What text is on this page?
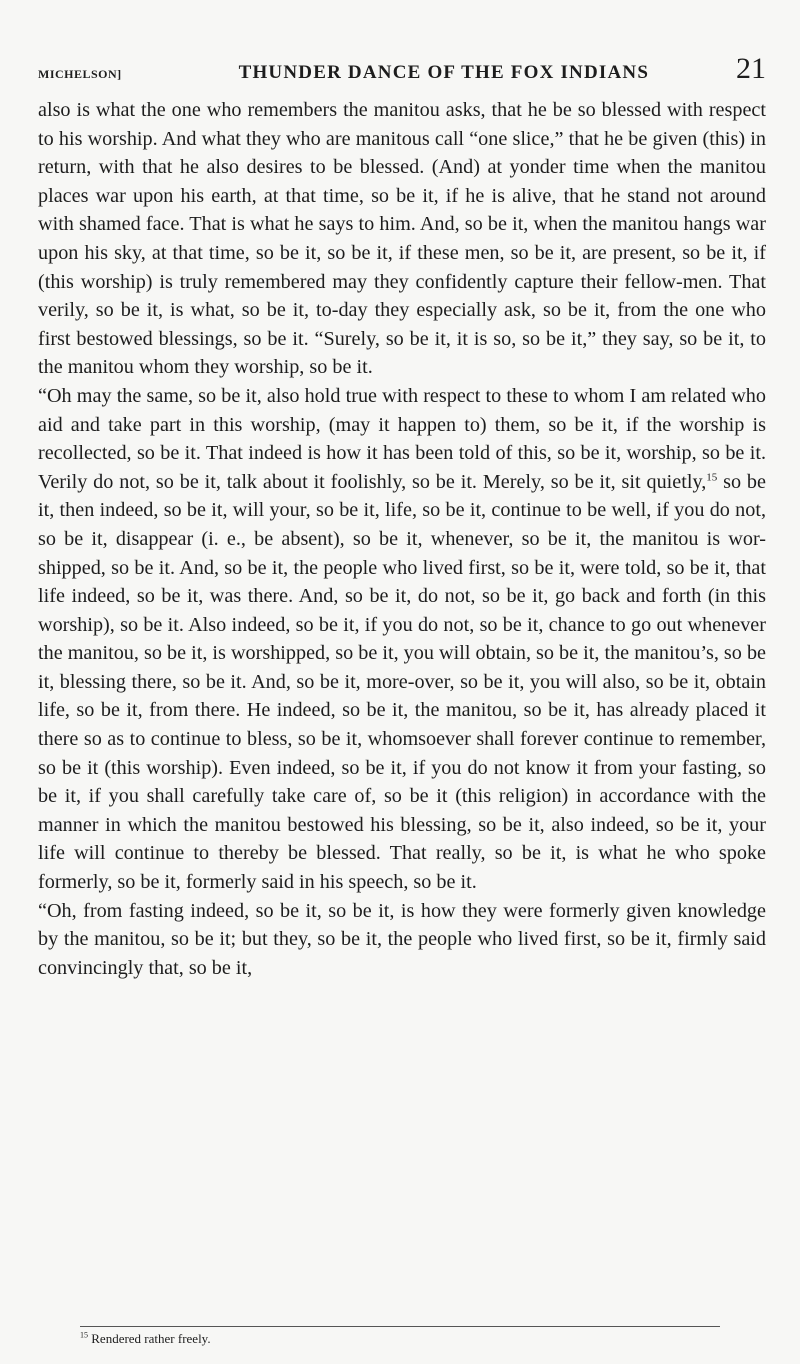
MICHELSON]	THUNDER DANCE OF THE FOX INDIANS	21

also is what the one who remembers the manitou asks, that he be so blessed with respect to his worship. And what they who are manitous call “one slice,” that he be given (this) in return, with that he also desires to be blessed. (And) at yonder time when the manitou places war upon his earth, at that time, so be it, if he is alive, that he stand not around with shamed face. That is what he says to him. And, so be it, when the manitou hangs war upon his sky, at that time, so be it, so be it, if these men, so be it, are present, so be it, if (this worship) is truly remembered may they confidently capture their fellow-men. That verily, so be it, is what, so be it, to-day they especially ask, so be it, from the one who first bestowed blessings, so be it. “Surely, so be it, it is so, so be it,” they say, so be it, to the manitou whom they worship, so be it.

“Oh may the same, so be it, also hold true with respect to these to whom I am related who aid and take part in this worship, (may it happen to) them, so be it, if the worship is recollected, so be it. That indeed is how it has been told of this, so be it, worship, so be it. Verily do not, so be it, talk about it foolishly, so be it. Merely, so be it, sit quietly,$^{15}$ so be it, then indeed, so be it, will your, so be it, life, so be it, continue to be well, if you do not, so be it, disappear (i. e., be absent), so be it, whenever, so be it, the manitou is wor-shipped, so be it. And, so be it, the people who lived first, so be it, were told, so be it, that life indeed, so be it, was there. And, so be it, do not, so be it, go back and forth (in this worship), so be it. Also indeed, so be it, if you do not, so be it, chance to go out whenever the manitou, so be it, is worshipped, so be it, you will obtain, so be it, the manitou’s, so be it, blessing there, so be it. And, so be it, more-over, so be it, you will also, so be it, obtain life, so be it, from there. He indeed, so be it, the manitou, so be it, has already placed it there so as to continue to bless, so be it, whomsoever shall forever continue to remember, so be it (this worship). Even indeed, so be it, if you do not know it from your fasting, so be it, if you shall carefully take care of, so be it (this religion) in accordance with the manner in which the manitou bestowed his blessing, so be it, also indeed, so be it, your life will continue to thereby be blessed. That really, so be it, is what he who spoke formerly, so be it, formerly said in his speech, so be it.

“Oh, from fasting indeed, so be it, so be it, is how they were formerly given knowledge by the manitou, so be it; but they, so be it, the people who lived first, so be it, firmly said convincingly that, so be it,

$^{15}$ Rendered rather freely.
